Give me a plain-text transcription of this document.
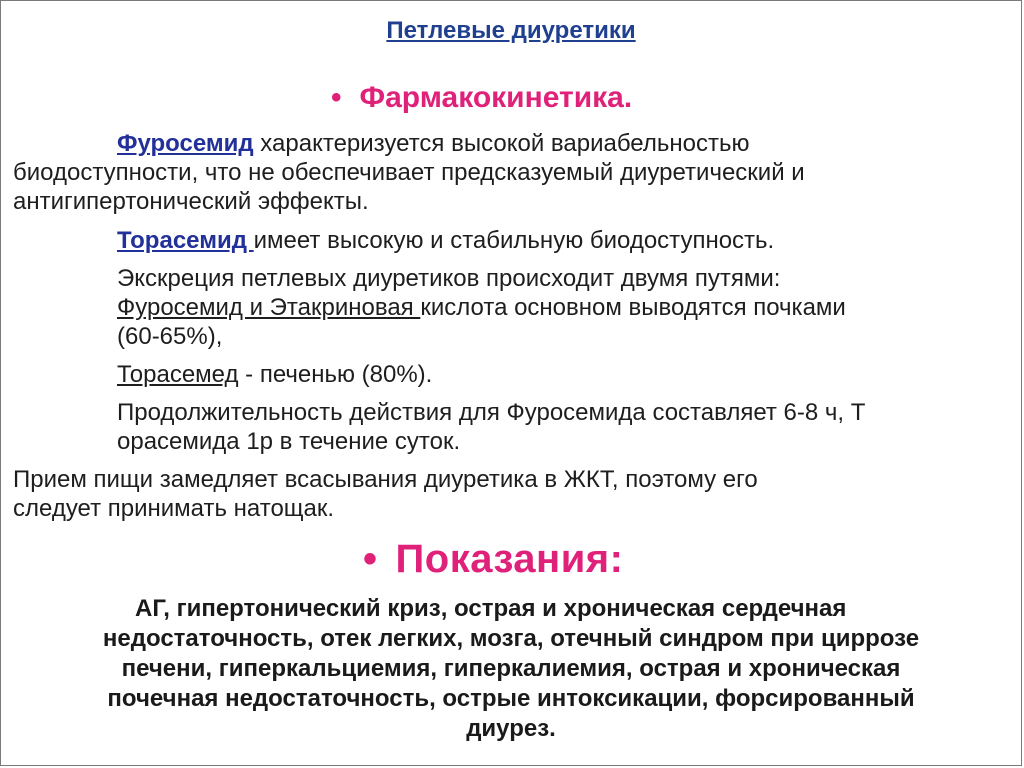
Петлевые диуретики
• Фармакокинетика.
Фуросемид характеризуется высокой вариабельностью
биодоступности, что не обеспечивает предсказуемый диуретический и
антигипертонический эффекты.
Торасемид имеет высокую и стабильную биодоступность.
Экскреция петлевых диуретиков происходит двумя путями:
Фуросемид и Этакриновая кислота основном выводятся почками
(60-65%),
Торасемед - печенью (80%).
Продолжительность действия для Фуросемида составляет 6-8 ч, Т
орасемида 1р в течение суток.
Прием пищи замедляет всасывания диуретика в ЖКТ, поэтому его
следует принимать натощак.
• Показания:
АГ, гипертонический криз, острая и хроническая сердечная
недостаточность, отек легких, мозга, отечный синдром при циррозе
печени, гиперкальциемия, гиперкалиемия, острая и хроническая
почечная недостаточность, острые интоксикации, форсированный
диурез.
